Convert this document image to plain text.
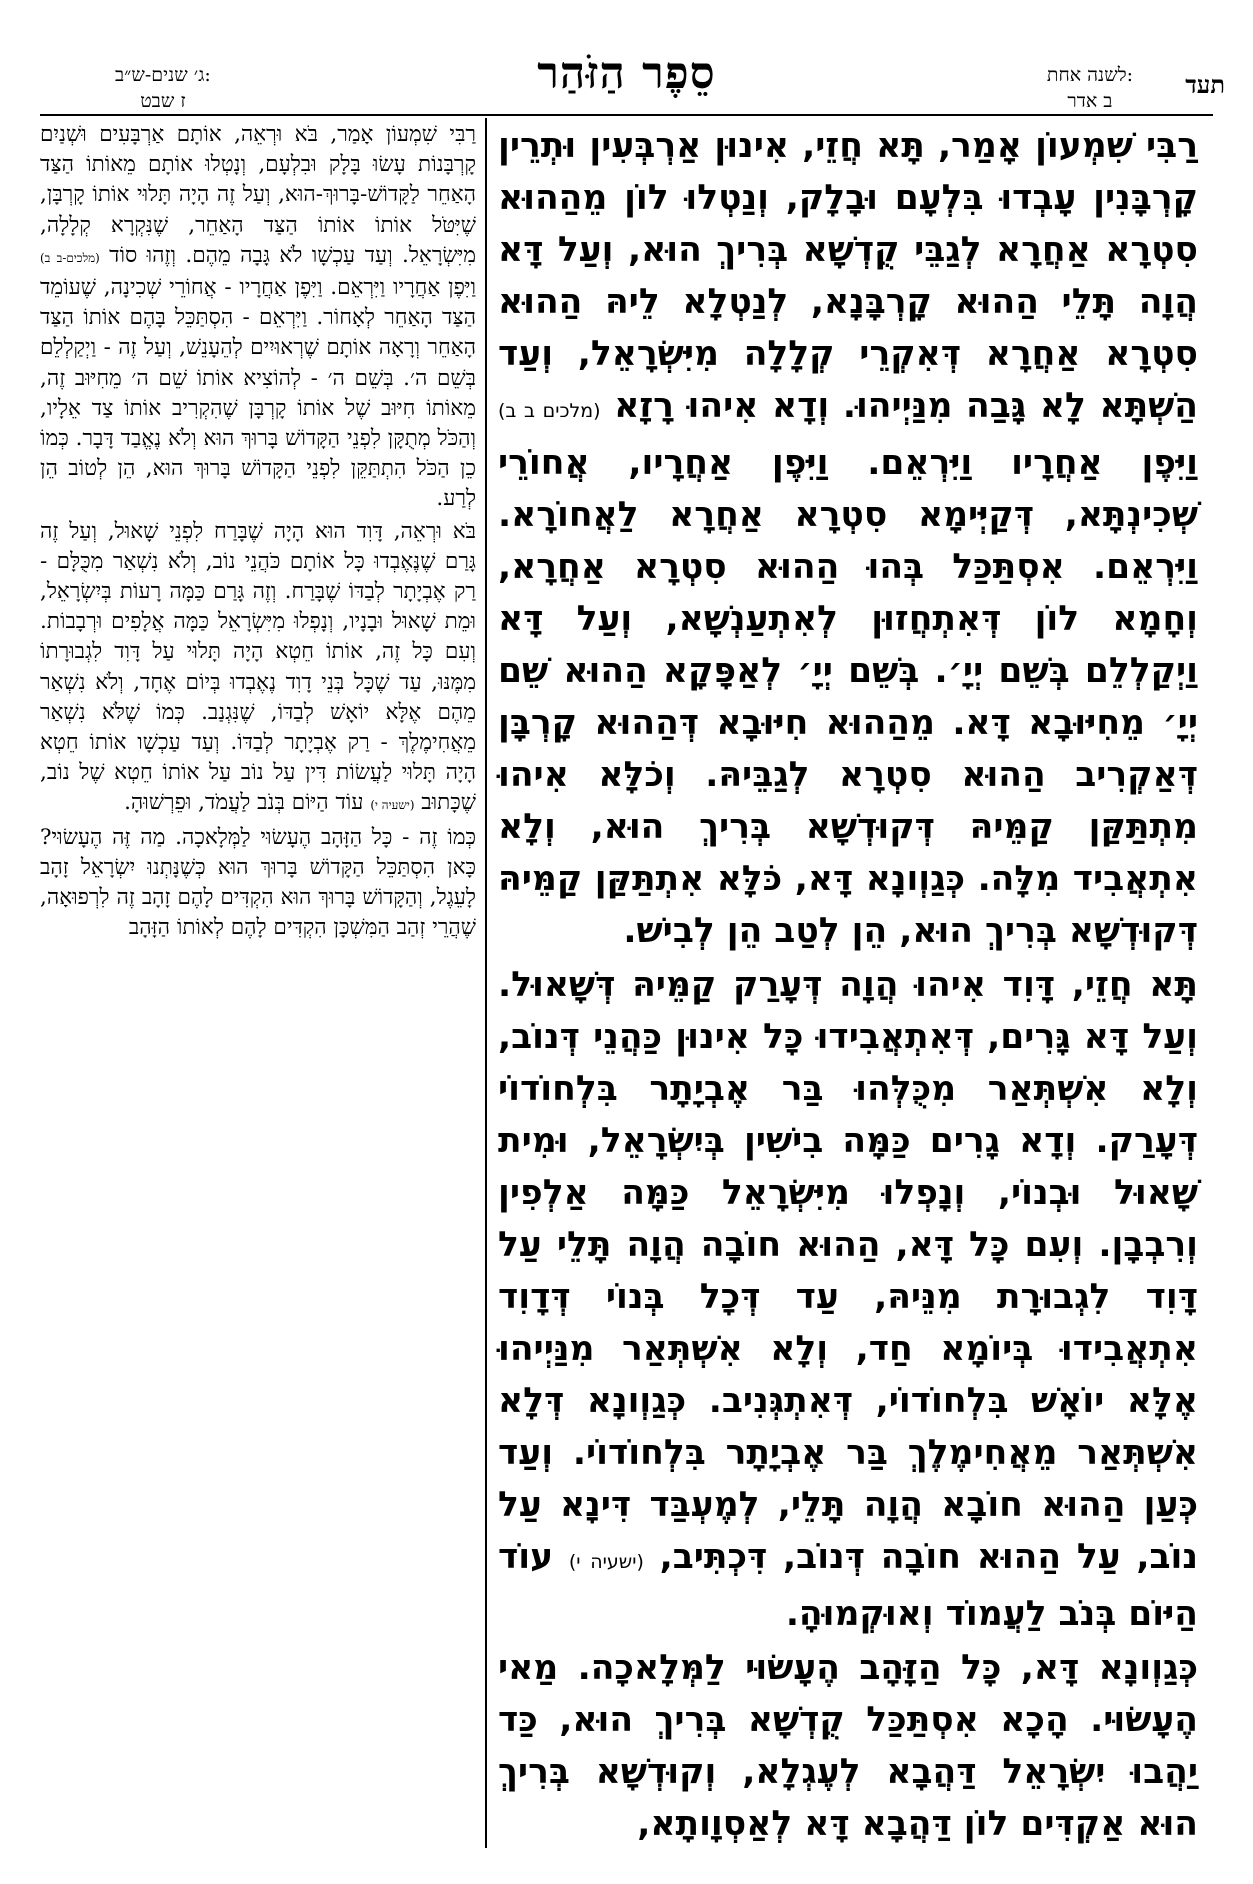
תעד
לשנה אחת:
ב אדר
סֵפֶר הַזֹּהַר
ג׳ שנים-ש״ב:
ז שבט

רַבִּי שִׁמְעוֹן אָמַר, תָּא חֲזֵי, אִינוּן אַרְבְּעִין וּתְרֵין קָרְבָּנִין עָבְדוּ בִּלְעָם וּבָלָק, וְנַטְלוּ לוֹן מֵהַהוּא סִטְרָא אַחֲרָא לְגַבֵּי קֻדְשָׁא בְּרִיךְ הוּא, וְעַל דָּא הֲוָה תָּלֵי הַהוּא קָרְבָּנָא, לְנַטְלָא לֵיהּ הַהוּא סִטְרָא אַחֲרָא דְּאִקְרֵי קְלָלָה מִיִּשְׂרָאֵל, וְעַד הַשְׁתָּא לָא גָּבַה מִנַּיְיהוּ. וְדָא אִיהוּ רָזָא (מלכים ב ב) וַיִּפֶן אַחֲרָיו וַיִּרְאֵם. וַיִּפֶן אַחֲרָיו, אֲחוֹרֵי שְׁכִינְתָּא, דְּקַיְּימָא סִטְרָא אַחֲרָא לַאֲחוֹרָא. וַיִּרְאֵם. אִסְתַּכַּל בְּהוּ הַהוּא סִטְרָא אַחֲרָא, וְחָמָא לוֹן דְּאִתְחֲזוּן לְאִתְעַנְשָׁא, וְעַל דָּא וַיְקַלְלֵם בְּשֵׁם יְיָ׳. בְּשֵׁם יְיָ׳ לְאַפָּקָא הַהוּא שֵׁם יְיָ׳ מֵחִיּוּבָא דָּא. מֵהַהוּא חִיּוּבָא דְּהַהוּא קָרְבָּן דְּאַקְרִיב הַהוּא סִטְרָא לְגַבֵּיהּ. וְכֹלָּא אִיהוּ מִתְתַּקַּן קַמֵּיהּ דְּקוּדְשָׁא בְּרִיךְ הוּא, וְלָא אִתְאֲבִיד מִלָּה. כְּגַוְונָא דָּא, כֹּלָּא אִתְתַּקַּן קַמֵּיהּ דְּקוּדְשָׁא בְּרִיךְ הוּא, הֵן לְטַב הֵן לְבִישׁ.

תָּא חֲזֵי, דָּוִד אִיהוּ הֲוָה דְּעָרַק קַמֵּיהּ דְּשָׁאוּל. וְעַל דָּא גָּרִים, דְּאִתְאֲבִידוּ כָּל אִינוּן כַּהֲנֵי דְּנוֹב, וְלָא אִשְׁתְּאַר מִכֻּלְּהוּ בַּר אֶבְיָתָר בִּלְחוֹדוֹי דְּעָרַק. וְדָא גָרִים כַּמָּה בִישִׁין בְּיִשְׂרָאֵל, וּמִית שָׁאוּל וּבְנוֹי, וְנָפְלוּ מִיִּשְׂרָאֵל כַּמָּה אַלְפִין וְרִבְבָן. וְעִם כָּל דָּא, הַהוּא חוֹבָה הֲוָה תָּלֵי עַל דָּוִד לִגְבוּרָת מִנֵּיהּ, עַד דְּכָל בְּנוֹי דְּדָוִד אִתְאֲבִידוּ בְּיוֹמָא חַד, וְלָא אִשְׁתְּאַר מִנַּיְיהוּ אֶלָּא יוֹאָשׁ בִּלְחוֹדוֹי, דְּאִתְגְּנִיב. כְּגַוְונָא דְּלָא אִשְׁתְּאַר מֵאֲחִימֶלֶךְ בַּר אֶבְיָתָר בִּלְחוֹדוֹי. וְעַד כְּעַן הַהוּא חוֹבָא הֲוָה תָּלֵי, לְמֶעְבַּד דִּינָא עַל נוֹב, עַל הַהוּא חוֹבָה דְּנוֹב, דִּכְתִּיב, (ישעיה י) עוֹד הַיּוֹם בְּנֹב לַעֲמוֹד וְאוּקְמוּהָ.

כְּגַוְונָא דָּא, כָּל הַזָּהָב הֶעָשׂוּי לַמְּלָאכָה. מַאי הֶעָשׂוּי. הָכָא אִסְתַּכַּל קֻדְשָׁא בְּרִיךְ הוּא, כַּד יַהֲבוּ יִשְׂרָאֵל דַּהֲבָא לְעֶגְלָא, וְקוּדְשָׁא בְּרִיךְ הוּא אַקְדִּים לוֹן דַּהֲבָא דָּא לְאַסְוָותָא,

רַבִּי שִׁמְעוֹן אָמַר, בֹּא וּרְאֵה, אוֹתָם אַרְבָּעִים וּשְׁנַיִם קָרְבָּנוֹת עָשׂוּ בָּלָק וּבִלְעָם, וְנָטְלוּ אוֹתָם מֵאוֹתוֹ הַצַּד הָאַחֵר לַקָּדוֹשׁ-בָּרוּךְ-הוּא, וְעַל זֶה הָיָה תָּלוּי אוֹתוֹ קָרְבָּן, שֶׁיִּטֹּל אוֹתוֹ אוֹתוֹ הַצַּד הָאַחֵר, שֶׁנִּקְרָא קְלָלָה, מִיִּשְׂרָאֵל. וְעַד עַכְשָׁו לֹא גָּבָה מֵהֶם. וְזֶהוּ סוֹד (מלכים-ב ב) וַיִּפֶן אַחֲרָיו וַיִּרְאֵם. וַיִּפֶן אַחֲרָיו - אֲחוֹרֵי שְׁכִינָה, שֶׁעוֹמֵד הַצַּד הָאַחֵר לְאָחוֹר. וַיִּרְאֵם - הִסְתַּכֵּל בָּהֶם אוֹתוֹ הַצַּד הָאַחֵר וְרָאָה אוֹתָם שֶׁרְאוּיִים לְהֵעָנֵשׁ, וְעַל זֶה - וַיְקַלְלֵם בְּשֵׁם ה׳. בְּשֵׁם ה׳ - לְהוֹצִיא אוֹתוֹ שֵׁם ה׳ מֵחִיּוּב זֶה, מֵאוֹתוֹ חִיּוּב שֶׁל אוֹתוֹ קָרְבָּן שֶׁהִקְרִיב אוֹתוֹ צַד אֵלָיו, וְהַכֹּל מְתֻקָּן לִפְנֵי הַקָּדוֹשׁ בָּרוּךְ הוּא וְלֹא נֶאֱבַד דָּבָר. כְּמוֹ כֵן הַכֹּל הִתְתַּקֵּן לִפְנֵי הַקָּדוֹשׁ בָּרוּךְ הוּא, הֵן לְטוֹב הֵן לְרַע.

בֹּא וּרְאֵה, דָּוִד הוּא הָיָה שֶׁבָּרַח לִפְנֵי שָׁאוּל, וְעַל זֶה גָּרַם שֶׁנֶּאֶבְדוּ כָּל אוֹתָם כֹּהֲנֵי נוֹב, וְלֹא נִשְׁאַר מִכֻּלָּם - רַק אֶבְיָתָר לְבַדּוֹ שֶׁבָּרַח. וְזֶה גָּרַם כַּמָּה רָעוֹת בְּיִשְׂרָאֵל, וּמֵת שָׁאוּל וּבָנָיו, וְנָפְלוּ מִיִּשְׂרָאֵל כַּמָּה אֲלָפִים וּרְבָבוֹת. וְעִם כָּל זֶה, אוֹתוֹ חֵטְא הָיָה תָּלוּי עַל דָּוִד לִגְבוּרָתוֹ מִמֶּנּוּ, עַד שֶׁכָּל בְּנֵי דָוִד נֶאֶבְדוּ בְּיוֹם אֶחָד, וְלֹא נִשְׁאַר מֵהֶם אֶלָּא יוֹאָשׁ לְבַדּוֹ, שֶׁנִּגְנַב. כְּמוֹ שֶׁלֹּא נִשְׁאַר מֵאֲחִימֶלֶךְ - רַק אֶבְיָתָר לְבַדּוֹ. וְעַד עַכְשָׁו אוֹתוֹ חֵטְא הָיָה תָּלוּי לַעֲשׂוֹת דִּין עַל נוֹב עַל אוֹתוֹ חֵטְא שֶׁל נוֹב, שֶׁכָּתוּב (ישעיה י) עוֹד הַיּוֹם בְּנֹב לַעֲמֹד, וּפֵרְשׁוּהָ.

כְּמוֹ זֶה - כָּל הַזָּהָב הֶעָשׂוּי לַמְּלָאכָה. מַה זֶּה הֶעָשׂוּי? כָּאן הִסְתַּכֵּל הַקָּדוֹשׁ בָּרוּךְ הוּא כְּשֶׁנָּתְנוּ יִשְׂרָאֵל זָהָב לָעֵגֶל, וְהַקָּדוֹשׁ בָּרוּךְ הוּא הִקְדִּים לָהֶם זָהָב זֶה לִרְפוּאָה, שֶׁהֲרֵי זְהַב הַמִּשְׁכָּן הִקְדִּים לָהֶם לְאוֹתוֹ הַזָּהָב
